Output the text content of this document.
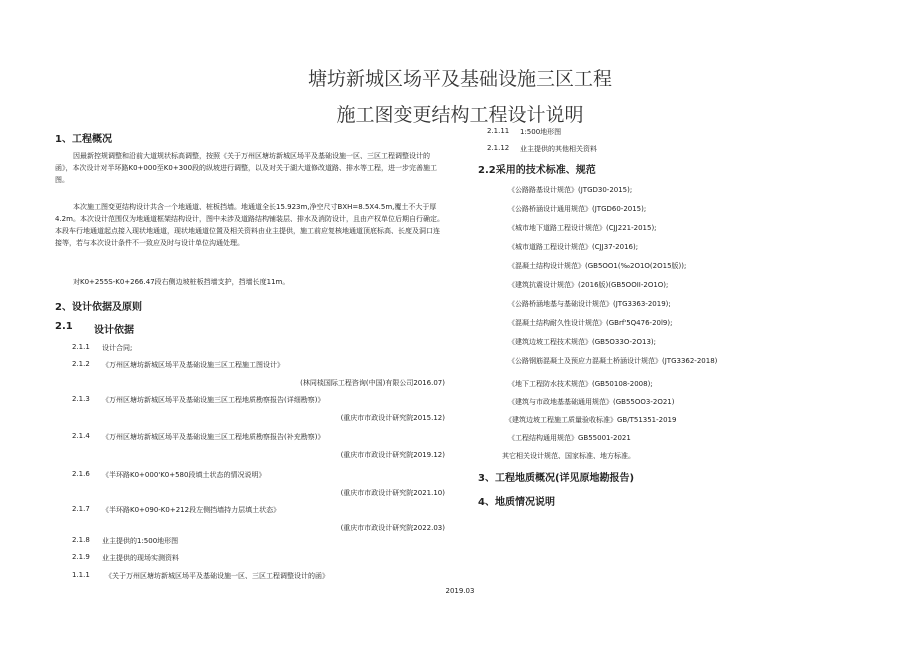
塘坊新城区场平及基础设施三区工程
施工图变更结构工程设计说明
1、工程概况
因最新控规调整和沿前大道规状标高调整，按照《关于万州区塘坊新城区场平及基础设施一区、三区工程调整设计的函》，本次设计对半环路K0+000至K0+300段的纵坡进行调整，以及对关于湖大道修改道路、排水等工程，进一步完善施工图。
本次施工图变更结构设计共含一个地通道、桩板挡墙。地通道全长15.923m,净空尺寸BXH=8.5X4.5m,覆土不大于厚4.2m。本次设计范围仅为地通道框架结构设计，图中未涉及道路结构铺装层、排水及消防设计，且由产权单位后期自行确定。本段车行地通道起点接入现状地通道，现状地通道位置及相关资料由业主提供，施工前应复核地通道顶底标高、长度及洞口连接等，若与本次设计条件不一致应及时与设计单位沟通处理。
对K0+255S-K0+266.47段右侧边坡桩板挡墙支护，挡墙长度11m。
2、设计依据及原则
2.1 设计依据
2.1.1 设计合同;
2.1.2 《万州区塘坊新城区场平及基础设施三区工程施工图设计》
(林同棪国际工程咨询(中国)有限公司2016.07)
2.1.3 《万州区塘坊新城区场平及基础设施三区工程地质勘察报告(详细勘察)》
(重庆市市政设计研究院2015.12)
2.1.4 《万州区塘坊新城区场平及基础设施三区工程地质勘察报告(补充勘察)》
(重庆市市政设计研究院2019.12)
2.1.6 《半环路K0+000'K0+580段填土状态的情况说明》
(重庆市市政设计研究院2021.10)
2.1.7 《半环路K0+090-K0+212段左侧挡墙持力层填土状态》
(重庆市市政设计研究院2022.03)
2.1.8 业主提供的1:500地形图
2.1.9 业主提供的现场实测资料
1.1.1 《关于万州区塘坊新城区场平及基础设施一区、三区工程调整设计的函》
2.1.11 1:500地形图
2.1.12 业主提供的其他相关资料
2.2采用的技术标准、规范
《公路路基设计规范》(JTGD30-2015);
《公路桥涵设计通用规范》(JTGD60-2015);
《城市地下道路工程设计规范》(CJJ221-2015);
《城市道路工程设计规范》(CJJ37-2016);
《混凝土结构设计规范》(GB5OO1(‰2O1O(2O15版));
《建筑抗震设计规范》(2016版)(GB5OOII-2O1O);
《公路桥涵地基与基础设计规范》(JTG3363-2019);
《混凝土结构耐久性设计规范》(GBrf'5Q476-20l9);
《建筑边坡工程技术规范》(GB5O33O-2O13);
《公路钢筋混凝土及预应力混凝土桥涵设计规范》(JTG3362-2018)
《地下工程防水技术规范》(GB50108-2008);
《建筑与市政地基基础通用规范》(GB55OO3-2O21)
《建筑边坡工程施工质量验收标准》GB/T51351-2019
《工程结构通用规范》GB55001-2021
其它相关设计规范、国家标准、地方标准。
3、工程地质概况(详见原地勘报告)
4、地质情况说明
2019.03
